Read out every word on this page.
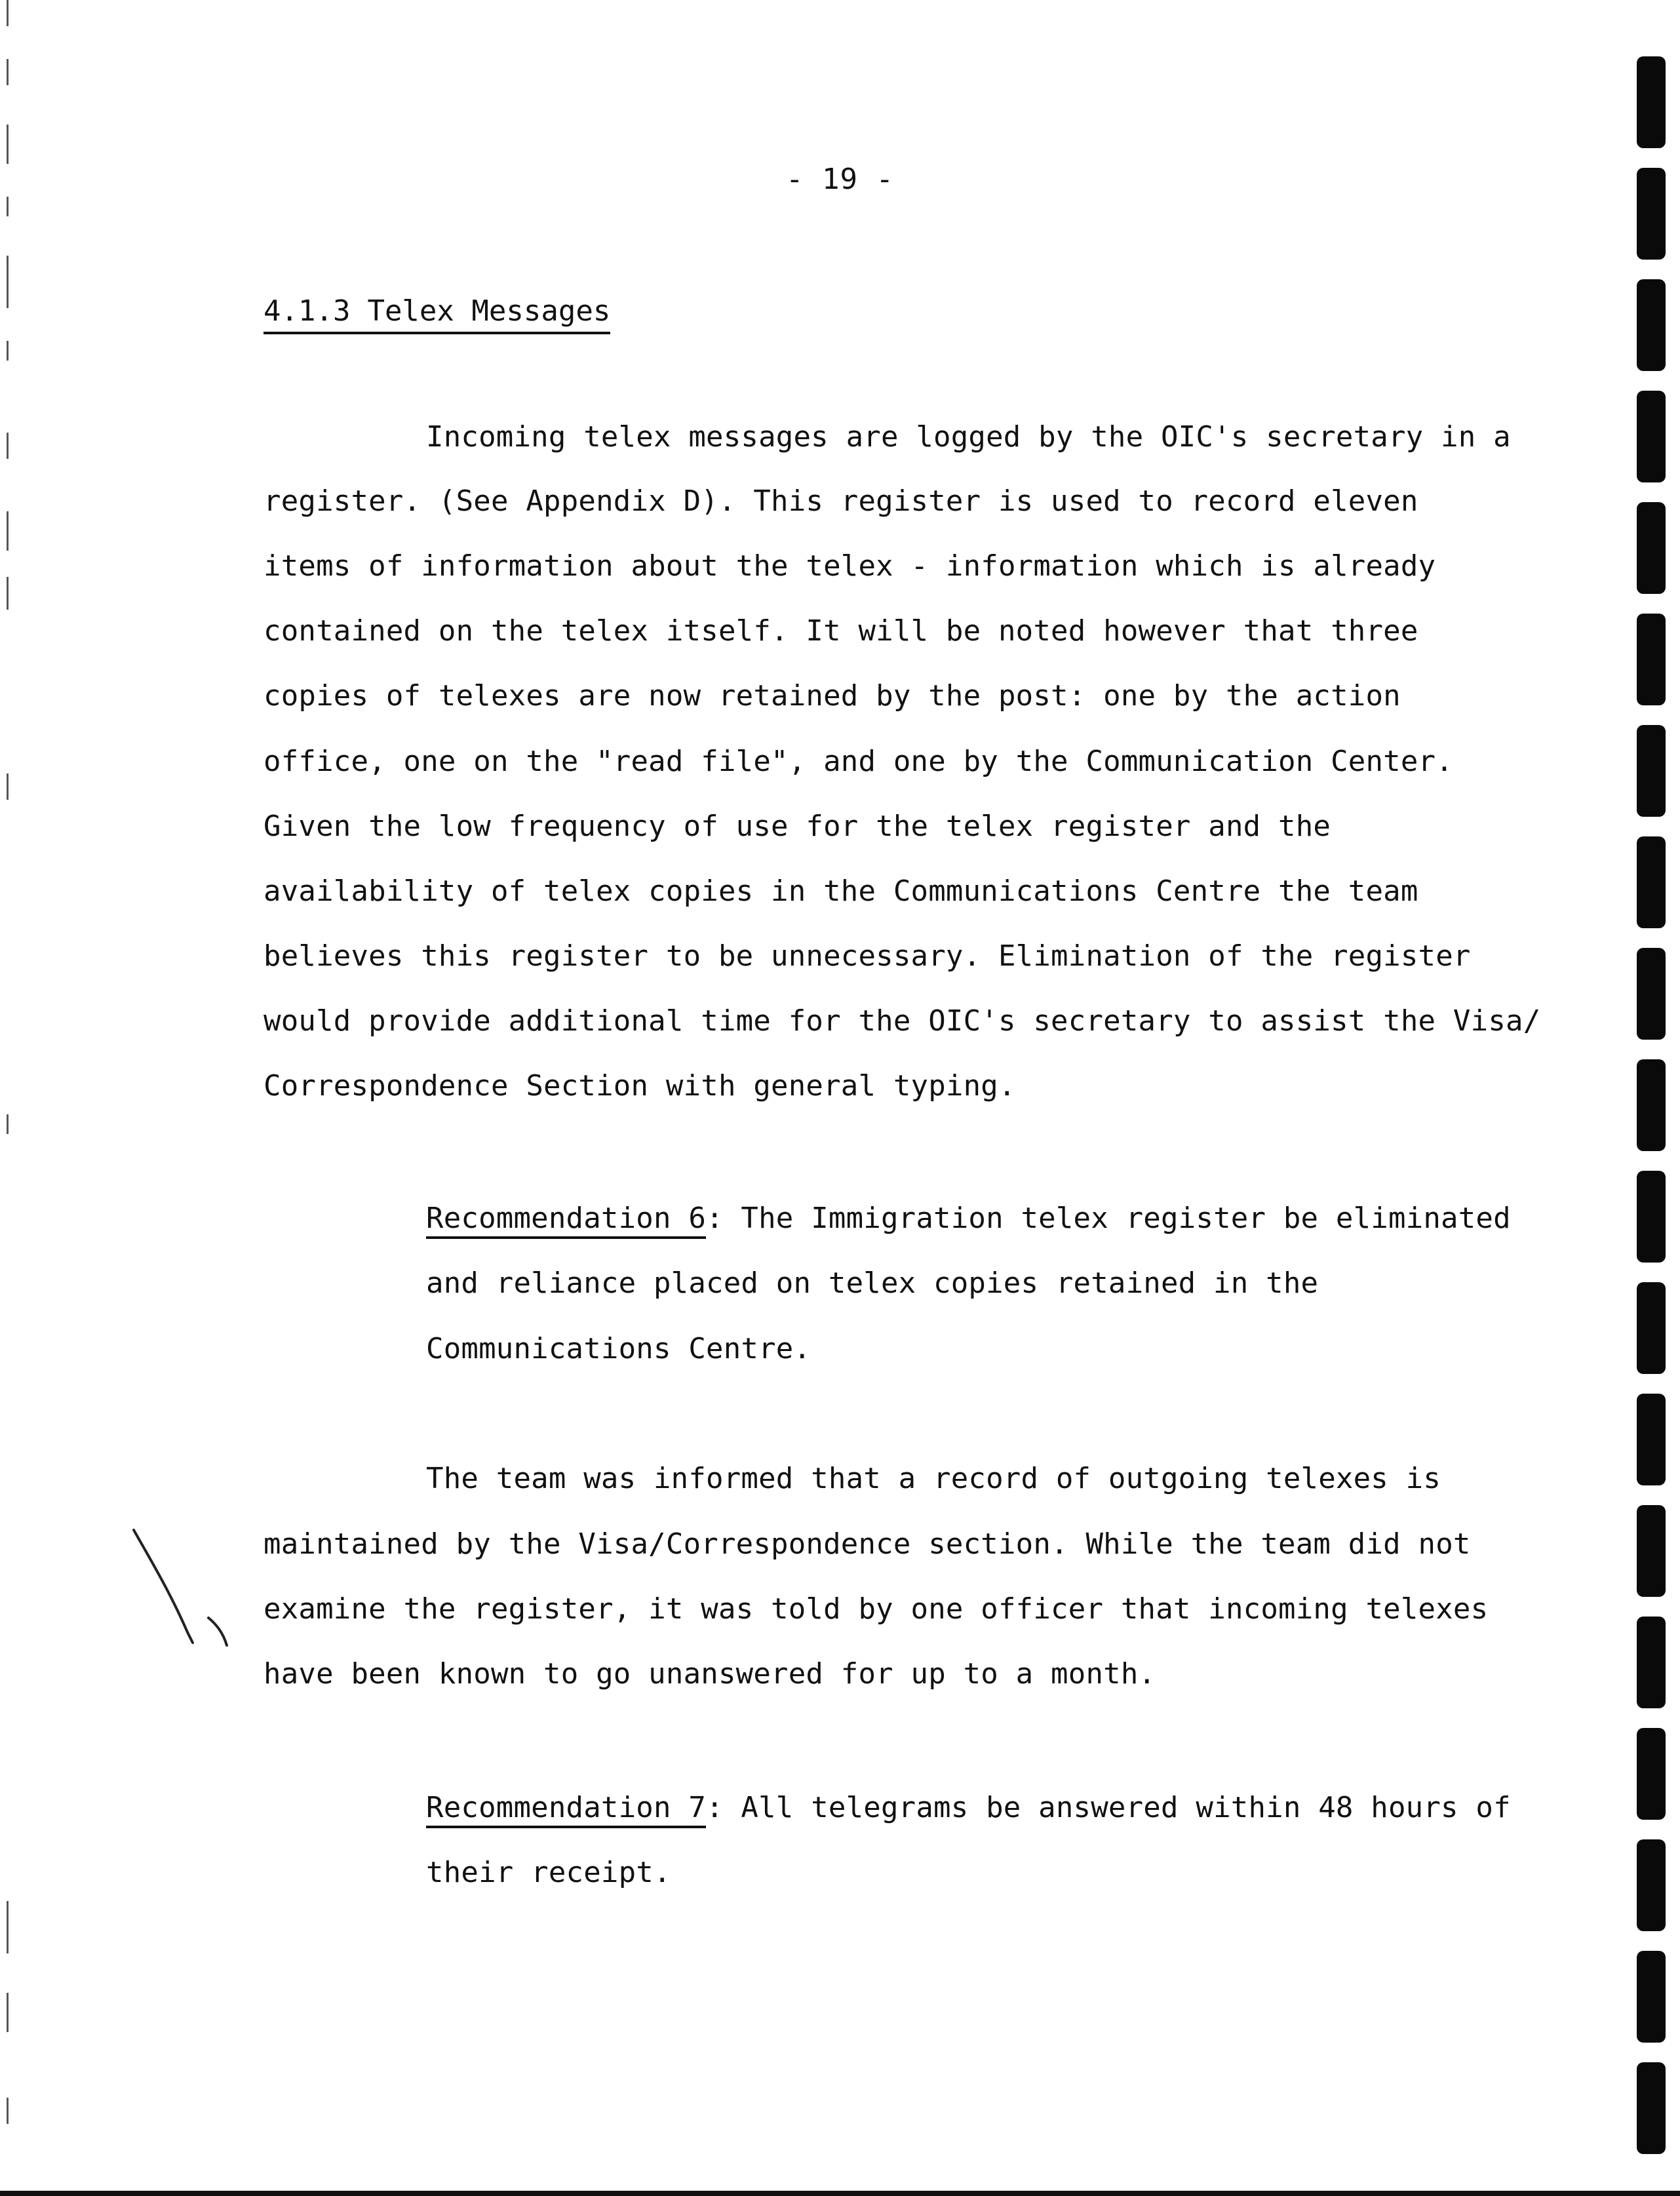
- 19 -
4.1.3 Telex Messages
Incoming telex messages are logged by the OIC's secretary in a
register. (See Appendix D). This register is used to record eleven
items of information about the telex - information which is already
contained on the telex itself. It will be noted however that three
copies of telexes are now retained by the post: one by the action
office, one on the "read file", and one by the Communication Center.
Given the low frequency of use for the telex register and the
availability of telex copies in the Communications Centre the team
believes this register to be unnecessary. Elimination of the register
would provide additional time for the OIC's secretary to assist the Visa/
Correspondence Section with general typing.
Recommendation 6: The Immigration telex register be eliminated
and reliance placed on telex copies retained in the
Communications Centre.
The team was informed that a record of outgoing telexes is
maintained by the Visa/Correspondence section. While the team did not
examine the register, it was told by one officer that incoming telexes
have been known to go unanswered for up to a month.
Recommendation 7: All telegrams be answered within 48 hours of
their receipt.
